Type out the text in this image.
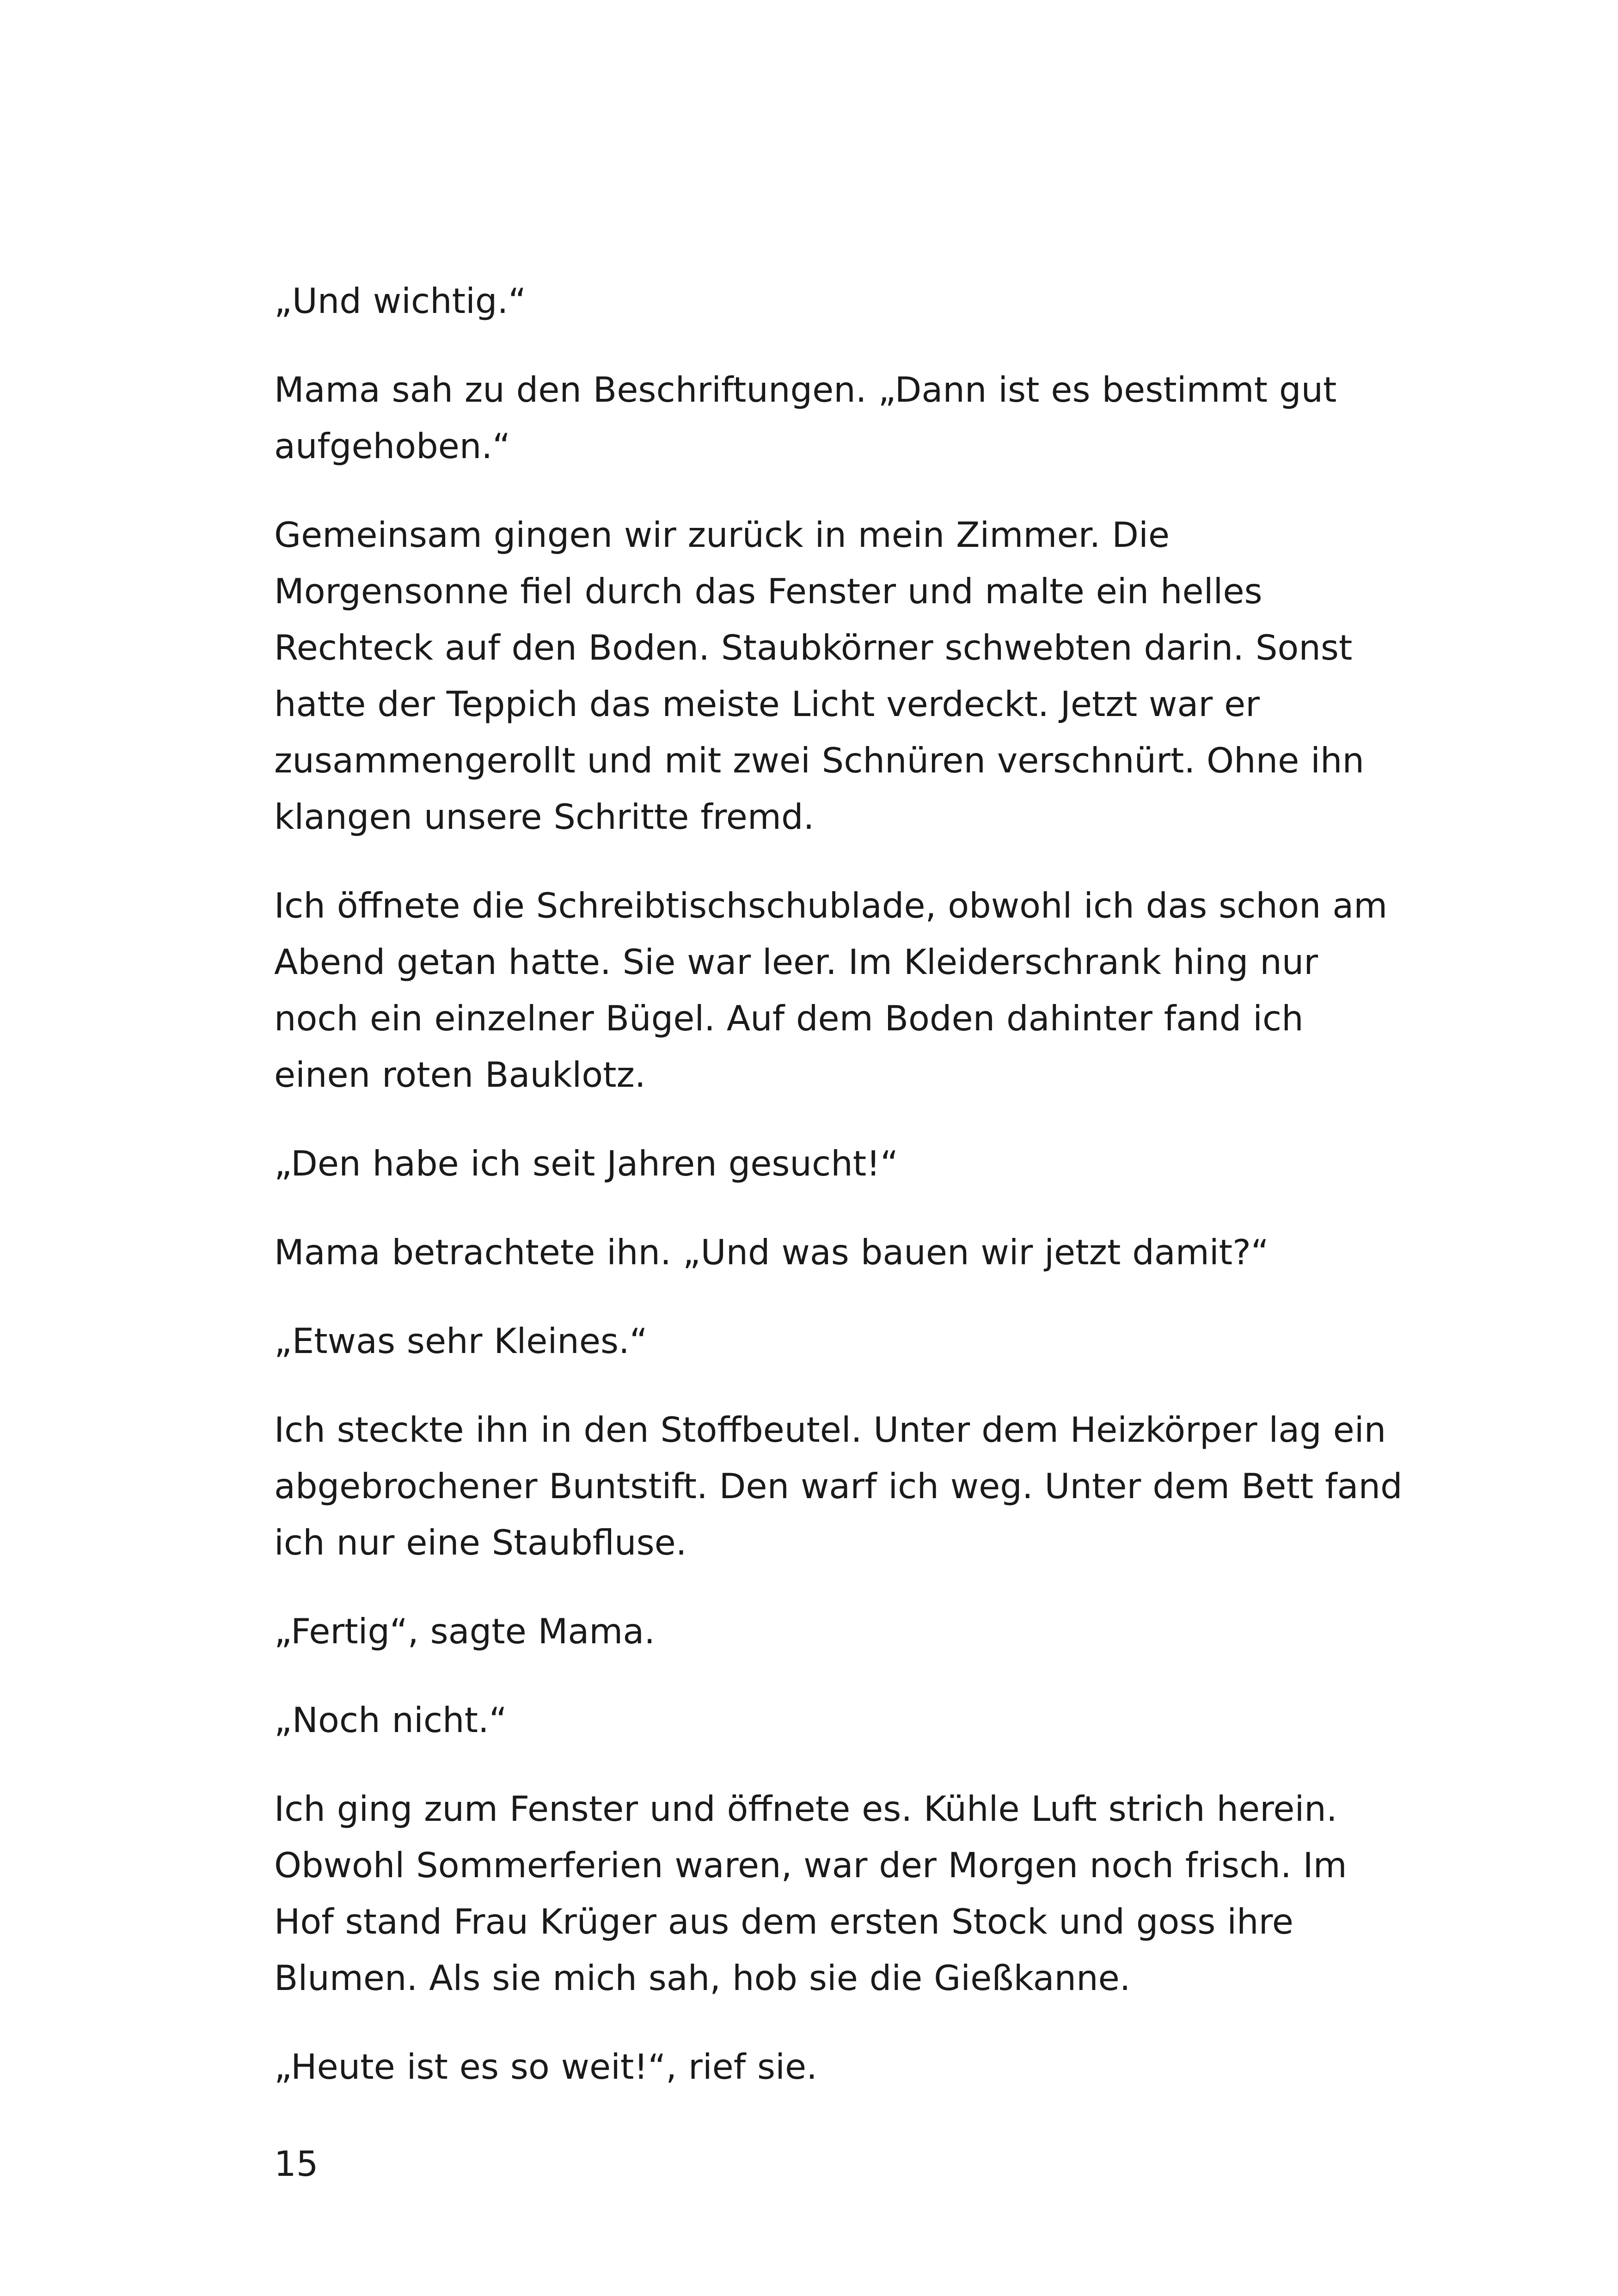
„Und wichtig.“

Mama sah zu den Beschriftungen. „Dann ist es bestimmt gut aufgehoben.“

Gemeinsam gingen wir zurück in mein Zimmer. Die Morgensonne fiel durch das Fenster und malte ein helles Rechteck auf den Boden. Staubkörner schwebten darin. Sonst hatte der Teppich das meiste Licht verdeckt. Jetzt war er zusammengerollt und mit zwei Schnüren verschnürt. Ohne ihn klangen unsere Schritte fremd.

Ich öffnete die Schreibtischschublade, obwohl ich das schon am Abend getan hatte. Sie war leer. Im Kleiderschrank hing nur noch ein einzelner Bügel. Auf dem Boden dahinter fand ich einen roten Bauklotz.

„Den habe ich seit Jahren gesucht!“

Mama betrachtete ihn. „Und was bauen wir jetzt damit?“

„Etwas sehr Kleines.“

Ich steckte ihn in den Stoffbeutel. Unter dem Heizkörper lag ein abgebrochener Buntstift. Den warf ich weg. Unter dem Bett fand ich nur eine Staubfluse.

„Fertig“, sagte Mama.

„Noch nicht.“

Ich ging zum Fenster und öffnete es. Kühle Luft strich herein. Obwohl Sommerferien waren, war der Morgen noch frisch. Im Hof stand Frau Krüger aus dem ersten Stock und goss ihre Blumen. Als sie mich sah, hob sie die Gießkanne.

„Heute ist es so weit!“, rief sie.

15
